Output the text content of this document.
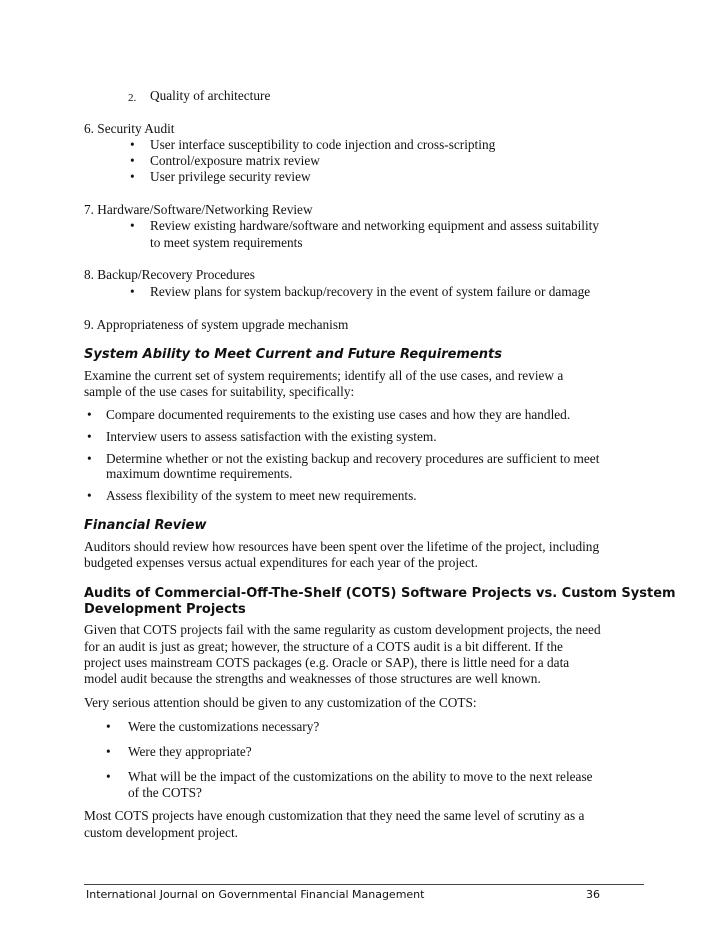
2. Quality of architecture
6. Security Audit
• User interface susceptibility to code injection and cross-scripting
• Control/exposure matrix review
• User privilege security review
7. Hardware/Software/Networking Review
• Review existing hardware/software and networking equipment and assess suitability
to meet system requirements
8. Backup/Recovery Procedures
• Review plans for system backup/recovery in the event of system failure or damage
9. Appropriateness of system upgrade mechanism
System Ability to Meet Current and Future Requirements
Examine the current set of system requirements; identify all of the use cases, and review a
sample of the use cases for suitability, specifically:
• Compare documented requirements to the existing use cases and how they are handled.
• Interview users to assess satisfaction with the existing system.
• Determine whether or not the existing backup and recovery procedures are sufficient to meet
maximum downtime requirements.
• Assess flexibility of the system to meet new requirements.
Financial Review
Auditors should review how resources have been spent over the lifetime of the project, including
budgeted expenses versus actual expenditures for each year of the project.
Audits of Commercial-Off-The-Shelf (COTS) Software Projects vs. Custom System
Development Projects
Given that COTS projects fail with the same regularity as custom development projects, the need
for an audit is just as great; however, the structure of a COTS audit is a bit different. If the
project uses mainstream COTS packages (e.g. Oracle or SAP), there is little need for a data
model audit because the strengths and weaknesses of those structures are well known.
Very serious attention should be given to any customization of the COTS:
• Were the customizations necessary?
• Were they appropriate?
• What will be the impact of the customizations on the ability to move to the next release
of the COTS?
Most COTS projects have enough customization that they need the same level of scrutiny as a
custom development project.
International Journal on Governmental Financial Management	36
